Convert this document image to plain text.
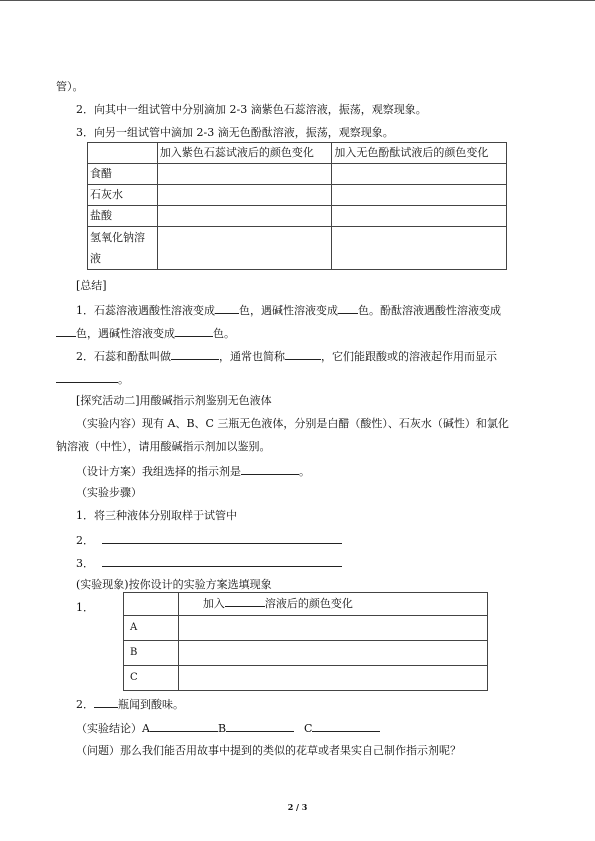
管）。
2．向其中一组试管中分别滴加 2-3 滴紫色石蕊溶液，振荡，观察现象。
3．向另一组试管中滴加 2-3 滴无色酚酞溶液，振荡，观察现象。
	加入紫色石蕊试液后的颜色变化	加入无色酚酞试液后的颜色变化
食醋		
石灰水		
盐酸		
氢氧化钠溶
液		
[总结]
1．石蕊溶液遇酸性溶液变成 色，遇碱性溶液变成 色。酚酞溶液遇酸性溶液变成
色，遇碱性溶液变成	色。
2．石蕊和酚酞叫做	，通常也简称	，它们能跟酸或的溶液起作用而显示
。
[探究活动二]用酸碱指示剂鉴别无色液体
（实验内容）现有 A、B、C 三瓶无色液体，分别是白醋（酸性）、石灰水（碱性）和氯化
钠溶液（中性），请用酸碱指示剂加以鉴别。
（设计方案）我组选择的指示剂是	。
（实验步骤）
1．将三种液体分别取样于试管中
2．
3．
(实验现象)按你设计的实验方案选填现象
1．
		加入 溶液后的颜色变化
A	
B	
C	
2． 瓶闻到酸味。
（实验结论）A	B	C
（问题）那么我们能否用故事中提到的类似的花草或者果实自己制作指示剂呢？
2 / 3
